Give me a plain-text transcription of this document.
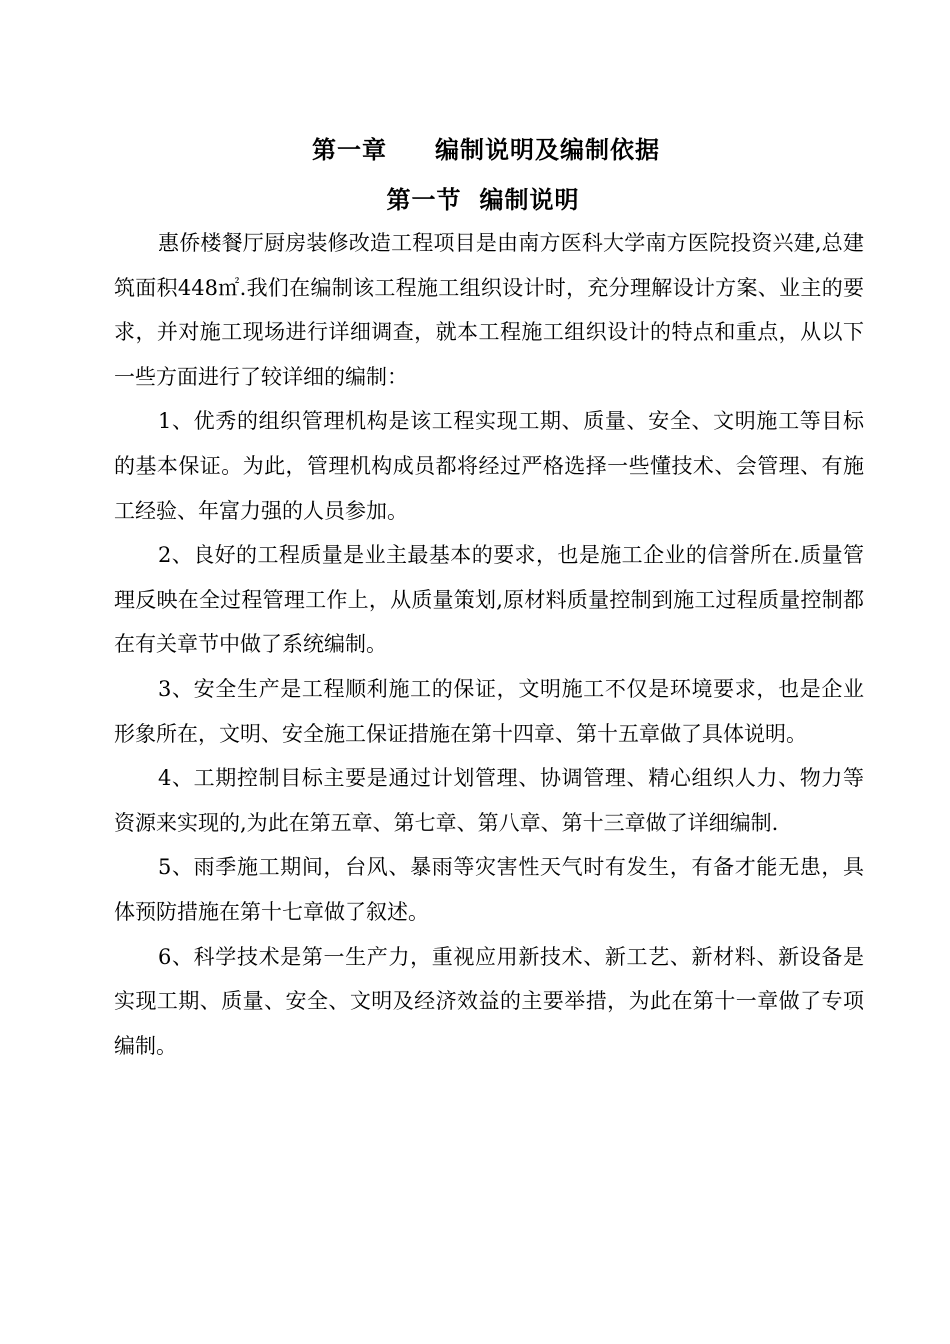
第一章 编制说明及编制依据
第一节 编制说明

惠侨楼餐厅厨房装修改造工程项目是由南方医科大学南方医院投资兴建,总建筑面积448㎡.我们在编制该工程施工组织设计时，充分理解设计方案、业主的要求，并对施工现场进行详细调查，就本工程施工组织设计的特点和重点，从以下一些方面进行了较详细的编制：

1、优秀的组织管理机构是该工程实现工期、质量、安全、文明施工等目标的基本保证。为此，管理机构成员都将经过严格选择一些懂技术、会管理、有施工经验、年富力强的人员参加。

2、良好的工程质量是业主最基本的要求，也是施工企业的信誉所在.质量管理反映在全过程管理工作上，从质量策划,原材料质量控制到施工过程质量控制都在有关章节中做了系统编制。

3、安全生产是工程顺利施工的保证，文明施工不仅是环境要求，也是企业形象所在，文明、安全施工保证措施在第十四章、第十五章做了具体说明。

4、工期控制目标主要是通过计划管理、协调管理、精心组织人力、物力等资源来实现的,为此在第五章、第七章、第八章、第十三章做了详细编制.

5、雨季施工期间，台风、暴雨等灾害性天气时有发生，有备才能无患，具体预防措施在第十七章做了叙述。

6、科学技术是第一生产力，重视应用新技术、新工艺、新材料、新设备是实现工期、质量、安全、文明及经济效益的主要举措，为此在第十一章做了专项编制。
